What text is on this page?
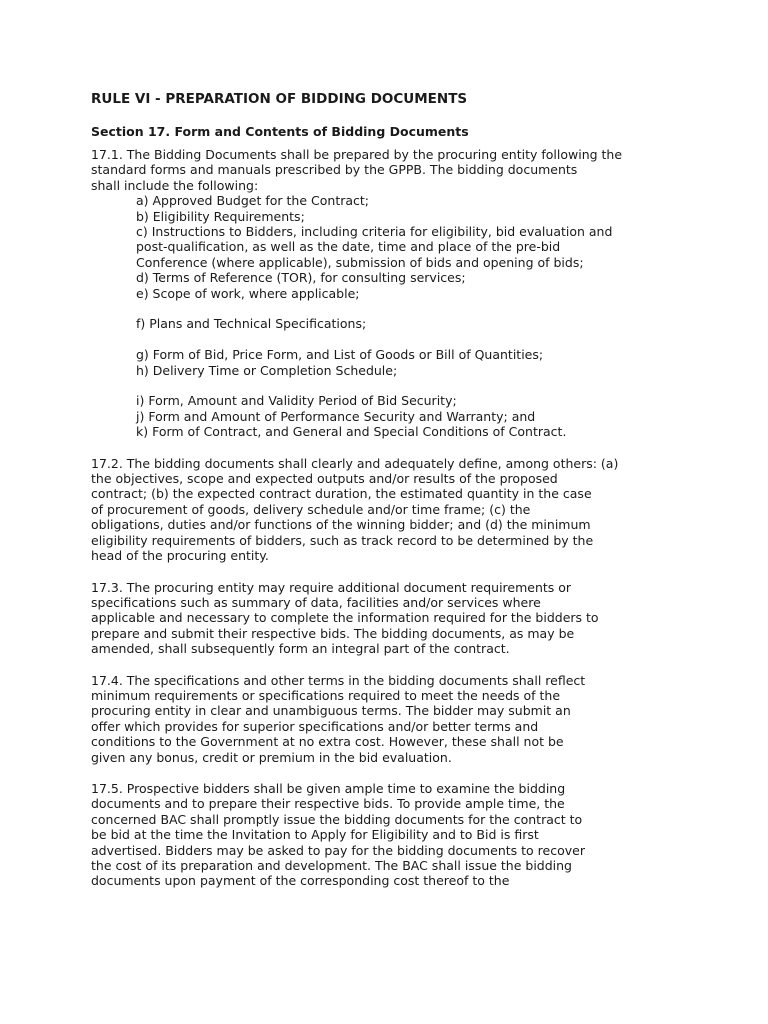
RULE VI - PREPARATION OF BIDDING DOCUMENTS
Section 17. Form and Contents of Bidding Documents
17.1. The Bidding Documents shall be prepared by the procuring entity following the
standard forms and manuals prescribed by the GPPB. The bidding documents
shall include the following:
a) Approved Budget for the Contract;
b) Eligibility Requirements;
c) Instructions to Bidders, including criteria for eligibility, bid evaluation and
post-qualification, as well as the date, time and place of the pre-bid
Conference (where applicable), submission of bids and opening of bids;
d) Terms of Reference (TOR), for consulting services;
e) Scope of work, where applicable;
f) Plans and Technical Specifications;
g) Form of Bid, Price Form, and List of Goods or Bill of Quantities;
h) Delivery Time or Completion Schedule;
i) Form, Amount and Validity Period of Bid Security;
j) Form and Amount of Performance Security and Warranty; and
k) Form of Contract, and General and Special Conditions of Contract.
17.2. The bidding documents shall clearly and adequately define, among others: (a)
the objectives, scope and expected outputs and/or results of the proposed
contract; (b) the expected contract duration, the estimated quantity in the case
of procurement of goods, delivery schedule and/or time frame; (c) the
obligations, duties and/or functions of the winning bidder; and (d) the minimum
eligibility requirements of bidders, such as track record to be determined by the
head of the procuring entity.
17.3. The procuring entity may require additional document requirements or
specifications such as summary of data, facilities and/or services where
applicable and necessary to complete the information required for the bidders to
prepare and submit their respective bids. The bidding documents, as may be
amended, shall subsequently form an integral part of the contract.
17.4. The specifications and other terms in the bidding documents shall reflect
minimum requirements or specifications required to meet the needs of the
procuring entity in clear and unambiguous terms. The bidder may submit an
offer which provides for superior specifications and/or better terms and
conditions to the Government at no extra cost. However, these shall not be
given any bonus, credit or premium in the bid evaluation.
17.5. Prospective bidders shall be given ample time to examine the bidding
documents and to prepare their respective bids. To provide ample time, the
concerned BAC shall promptly issue the bidding documents for the contract to
be bid at the time the Invitation to Apply for Eligibility and to Bid is first
advertised. Bidders may be asked to pay for the bidding documents to recover
the cost of its preparation and development. The BAC shall issue the bidding
documents upon payment of the corresponding cost thereof to the
